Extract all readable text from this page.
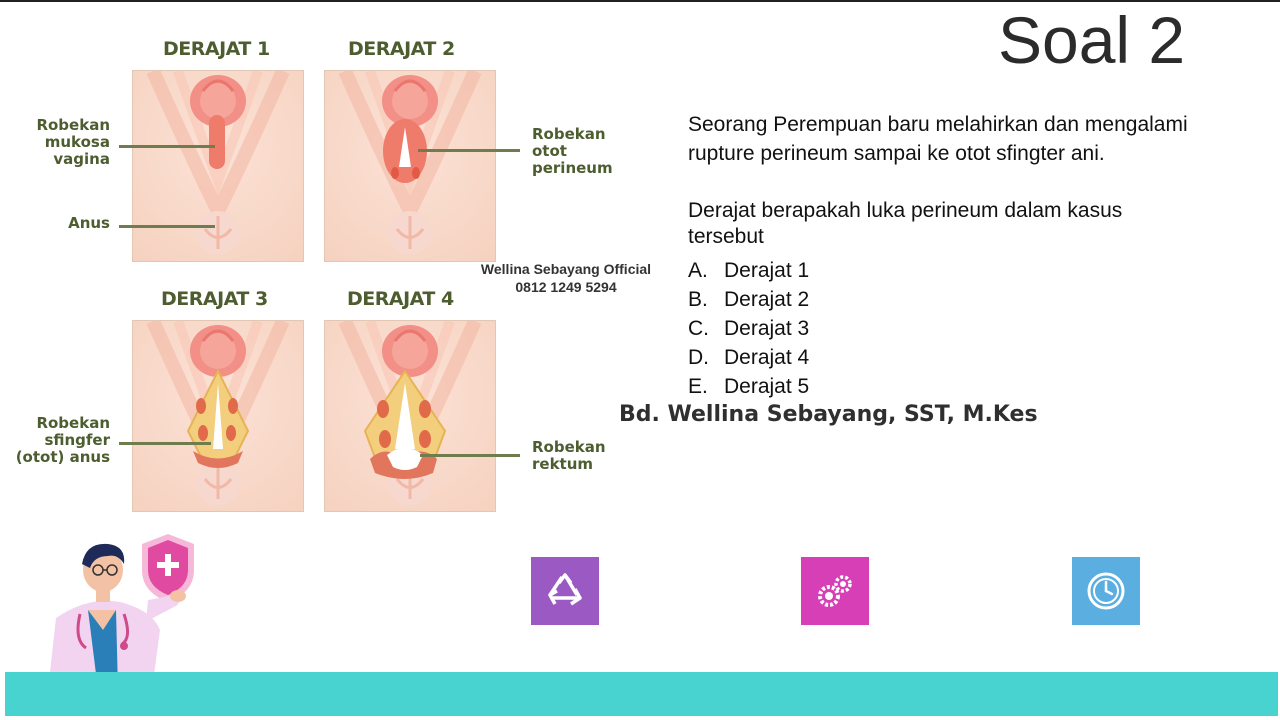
Soal 2
DERAJAT 1	DERAJAT 2
DERAJAT 3	DERAJAT 4
Robekan
mukosa
vagina
Anus
Robekan
sfingfer
(otot) anus
Robekan
otot
perineum
Robekan
rektum
Wellina Sebayang Official
0812 1249 5294
Seorang Perempuan baru melahirkan dan mengalami
rupture perineum sampai ke otot sfingter ani.
Derajat berapakah luka perineum dalam kasus
tersebut
A. Derajat 1
B. Derajat 2
C. Derajat 3
D. Derajat 4
E. Derajat 5
Bd. Wellina Sebayang, SST, M.Kes
